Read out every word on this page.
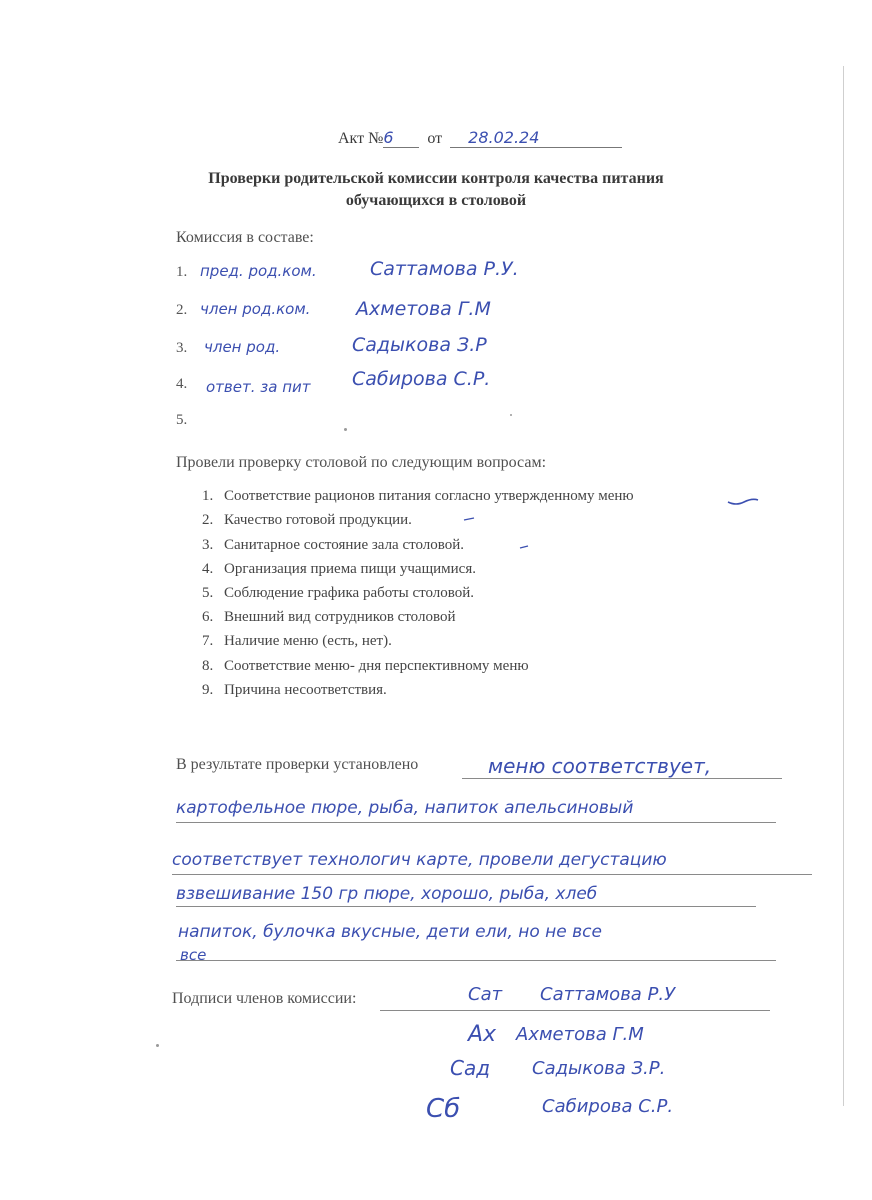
Акт №6 от 28.02.24
Проверки родительской комиссии контроля качества питания
обучающихся в столовой
Комиссия в составе:
1. пред. род.ком.	Саттамова Р.У.
2. член род.ком. Ахметова Г.М
3. член род.	Садыкова З.Р
4. ответ. за пит Сабирова С.Р.
5.
Провели проверку столовой по следующим вопросам:
1. Соответствие рационов питания согласно утвержденному меню
2. Качество готовой продукции.
3. Санитарное состояние зала столовой.
4. Организация приема пищи учащимися.
5. Соблюдение графика работы столовой.
6. Внешний вид сотрудников столовой
7. Наличие меню (есть, нет).
8. Соответствие меню- дня перспективному меню
9. Причина несоответствия.
В результате проверки установлено	меню соответствует,
картофельное пюре, рыба, напиток апельсиновый
соответствует технологич карте, провели дегустацию
взвешивание 150 гр пюре, хорошо, рыба, хлеб
напиток, булочка вкусные, дети ели, но не все
все
Подписи членов комиссии:	Сат Саттамова Р.У
Ах Ахметова Г.М
Сад Садыкова З.Р.
Сб	Сабирова С.Р.
